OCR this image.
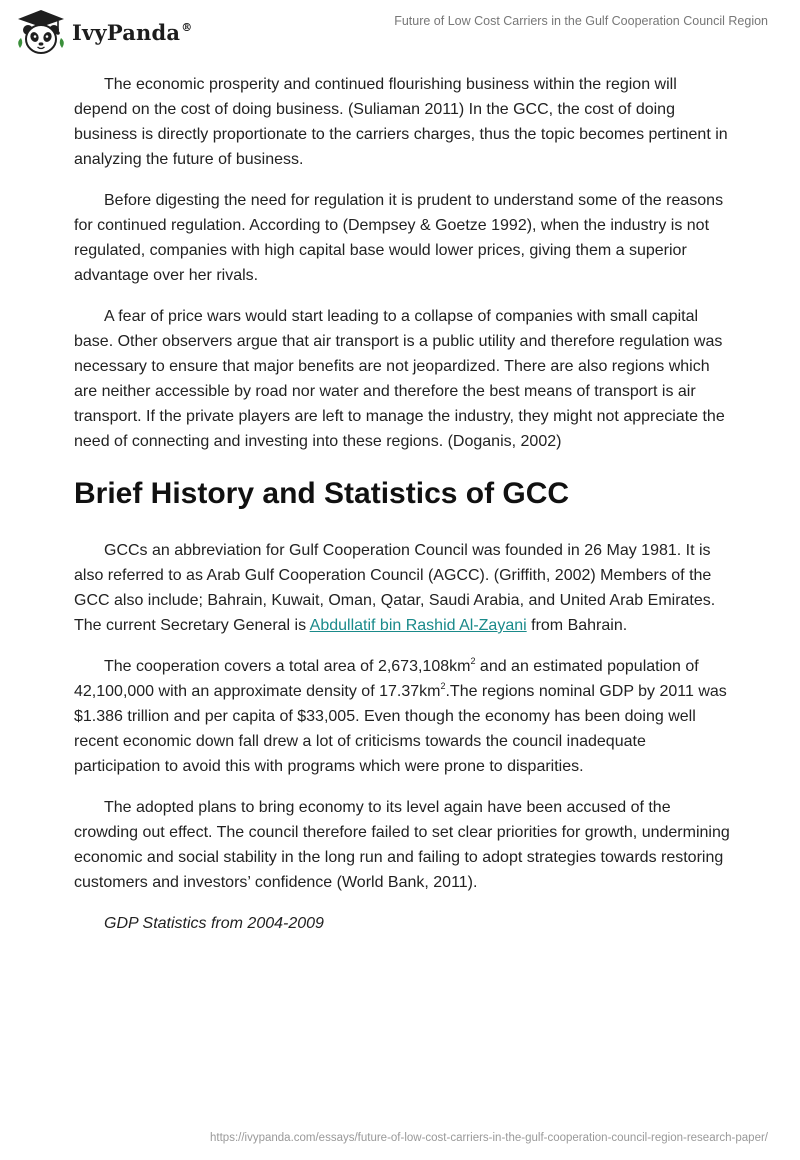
IvyPanda®	Future of Low Cost Carriers in the Gulf Cooperation Council Region

The economic prosperity and continued flourishing business within the region will depend on the cost of doing business. (Suliaman 2011) In the GCC, the cost of doing business is directly proportionate to the carriers charges, thus the topic becomes pertinent in analyzing the future of business.

Before digesting the need for regulation it is prudent to understand some of the reasons for continued regulation. According to (Dempsey & Goetze 1992), when the industry is not regulated, companies with high capital base would lower prices, giving them a superior advantage over her rivals.

A fear of price wars would start leading to a collapse of companies with small capital base. Other observers argue that air transport is a public utility and therefore regulation was necessary to ensure that major benefits are not jeopardized. There are also regions which are neither accessible by road nor water and therefore the best means of transport is air transport. If the private players are left to manage the industry, they might not appreciate the need of connecting and investing into these regions. (Doganis, 2002)

Brief History and Statistics of GCC

GCCs an abbreviation for Gulf Cooperation Council was founded in 26 May 1981. It is also referred to as Arab Gulf Cooperation Council (AGCC). (Griffith, 2002) Members of the GCC also include; Bahrain, Kuwait, Oman, Qatar, Saudi Arabia, and United Arab Emirates. The current Secretary General is Abdullatif bin Rashid Al-Zayani from Bahrain.

The cooperation covers a total area of $2,673,108km^2$ and an estimated population of 42,100,000 with an approximate density of $17.37km^2.The$ regions nominal GDP by 2011 was $1.386 trillion and per capita of $33,005. Even though the economy has been doing well recent economic down fall drew a lot of criticisms towards the council inadequate participation to avoid this with programs which were prone to disparities.

The adopted plans to bring economy to its level again have been accused of the crowding out effect. The council therefore failed to set clear priorities for growth, undermining economic and social stability in the long run and failing to adopt strategies towards restoring customers and investors’ confidence (World Bank, 2011).

GDP Statistics from 2004-2009

https://ivypanda.com/essays/future-of-low-cost-carriers-in-the-gulf-cooperation-council-region-research-paper/
